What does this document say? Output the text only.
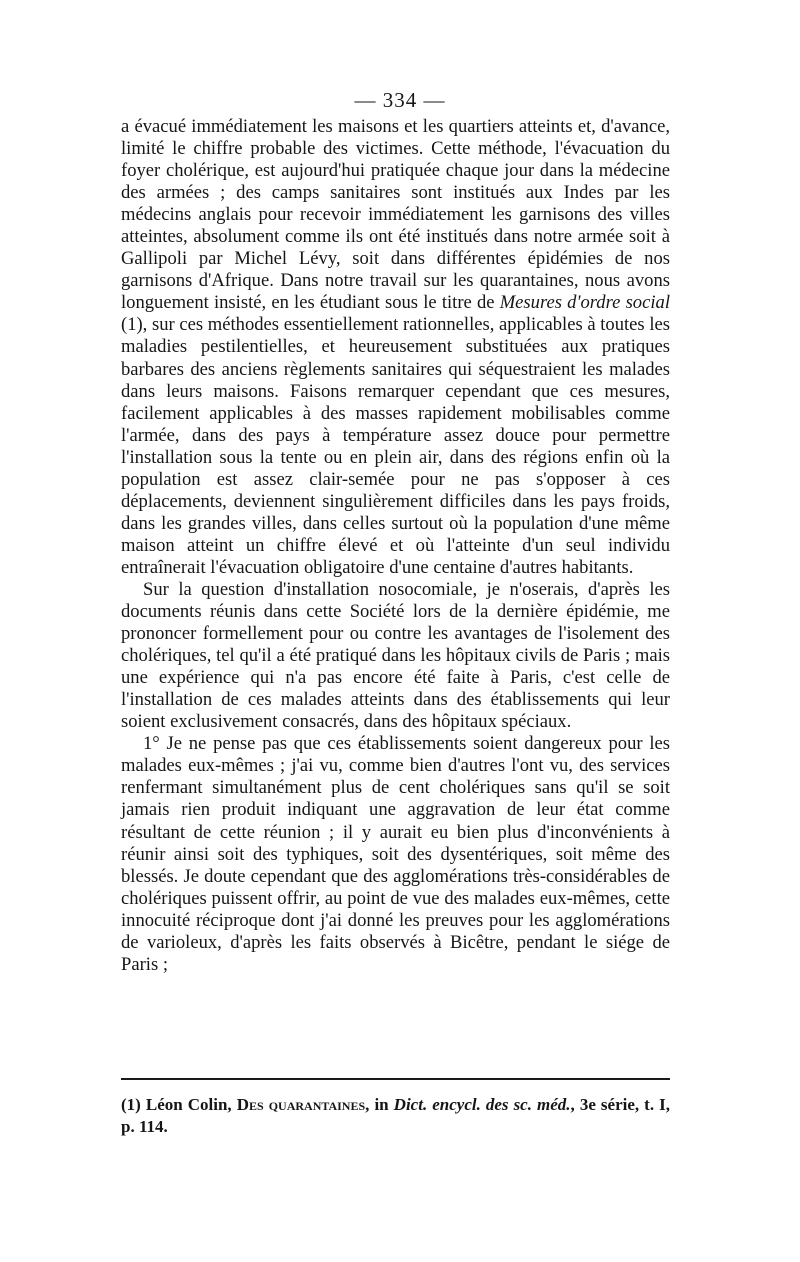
— 334 —

a évacué immédiatement les maisons et les quartiers atteints et, d'avance, limité le chiffre probable des victimes. Cette méthode, l'évacuation du foyer cholérique, est aujourd'hui pratiquée chaque jour dans la médecine des armées ; des camps sanitaires sont institués aux Indes par les médecins anglais pour recevoir immédiatement les garnisons des villes atteintes, absolument comme ils ont été institués dans notre armée soit à Gallipoli par Michel Lévy, soit dans différentes épidémies de nos garnisons d'Afrique. Dans notre travail sur les quarantaines, nous avons longuement insisté, en les étudiant sous le titre de Mesures d'ordre social (1), sur ces méthodes essentiellement rationnelles, applicables à toutes les maladies pestilentielles, et heureusement substituées aux pratiques barbares des anciens règlements sanitaires qui séquestraient les malades dans leurs maisons. Faisons remarquer cependant que ces mesures, facilement applicables à des masses rapidement mobilisables comme l'armée, dans des pays à température assez douce pour permettre l'installation sous la tente ou en plein air, dans des régions enfin où la population est assez clair-semée pour ne pas s'opposer à ces déplacements, deviennent singulièrement difficiles dans les pays froids, dans les grandes villes, dans celles surtout où la population d'une même maison atteint un chiffre élevé et où l'atteinte d'un seul individu entraînerait l'évacuation obligatoire d'une centaine d'autres habitants.

Sur la question d'installation nosocomiale, je n'oserais, d'après les documents réunis dans cette Société lors de la dernière épidémie, me prononcer formellement pour ou contre les avantages de l'isolement des cholériques, tel qu'il a été pratiqué dans les hôpitaux civils de Paris ; mais une expérience qui n'a pas encore été faite à Paris, c'est celle de l'installation de ces malades atteints dans des établissements qui leur soient exclusivement consacrés, dans des hôpitaux spéciaux.

1° Je ne pense pas que ces établissements soient dangereux pour les malades eux-mêmes ; j'ai vu, comme bien d'autres l'ont vu, des services renfermant simultanément plus de cent cholériques sans qu'il se soit jamais rien produit indiquant une aggravation de leur état comme résultant de cette réunion ; il y aurait eu bien plus d'inconvénients à réunir ainsi soit des typhiques, soit des dysentériques, soit même des blessés. Je doute cependant que des agglomérations très-considérables de cholériques puissent offrir, au point de vue des malades eux-mêmes, cette innocuité réciproque dont j'ai donné les preuves pour les agglomérations de varioleux, d'après les faits observés à Bicêtre, pendant le siége de Paris ;

(1) Léon Colin, Des quarantaines, in Dict. encycl. des sc. méd., 3e série, t. I, p. 114.
